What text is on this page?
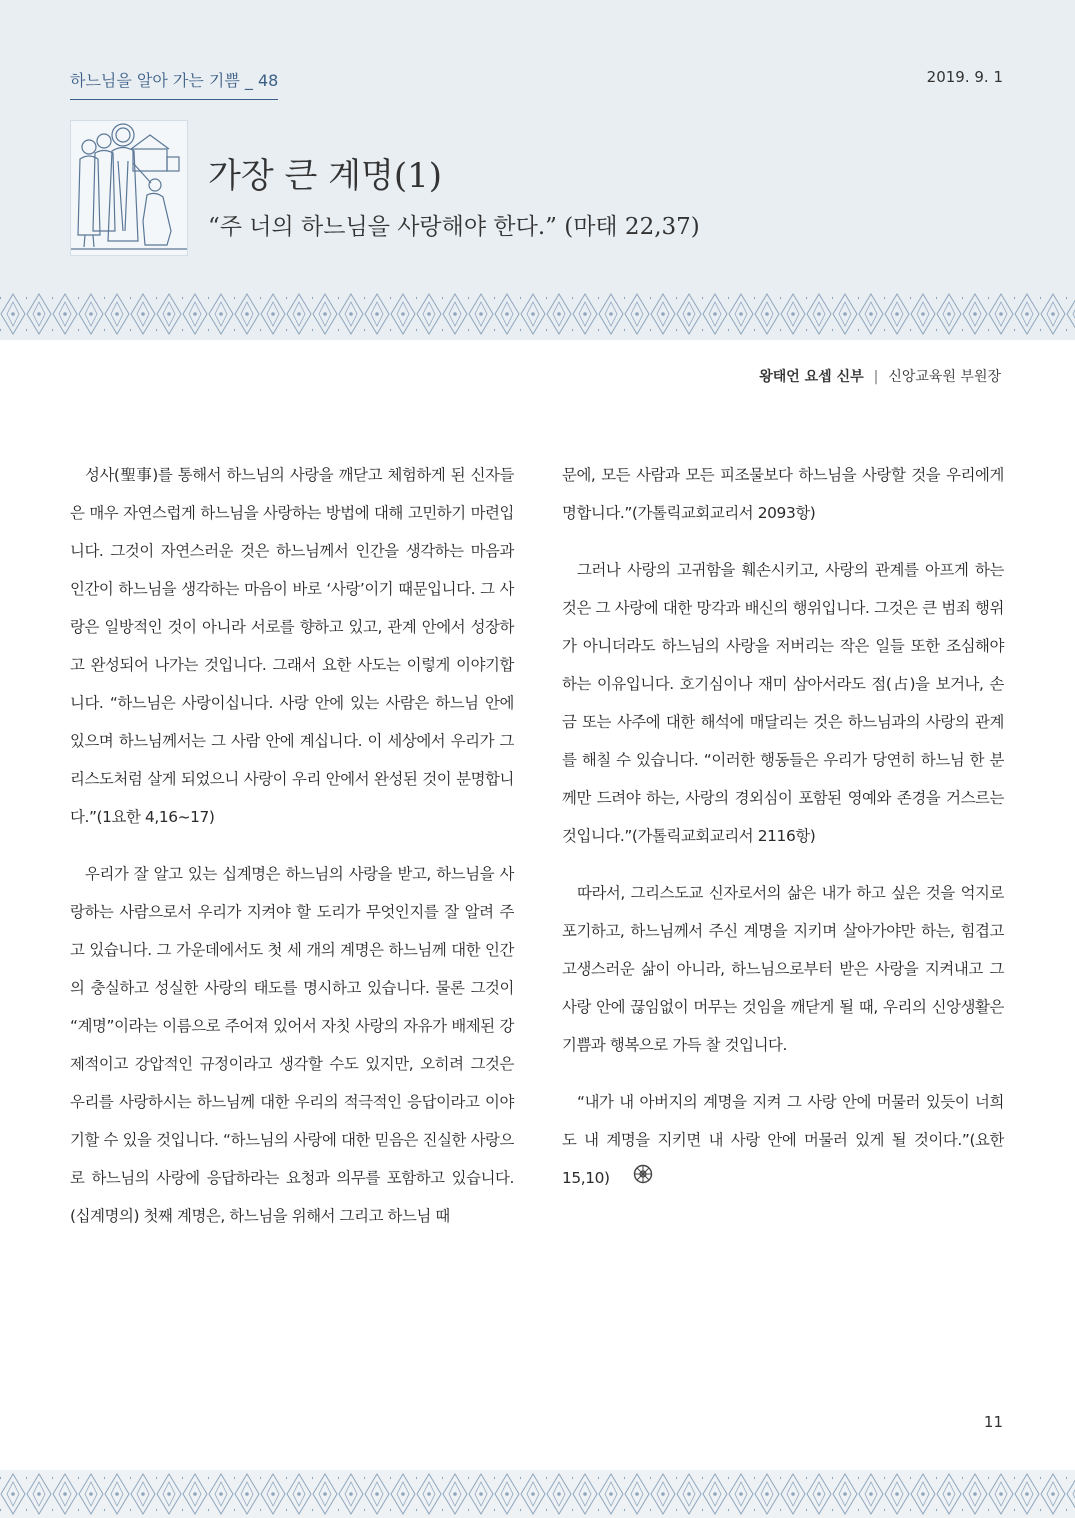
하느님을 알아 가는 기쁨 _ 48	2019. 9. 1
가장 큰 계명(1)
“주 너의 하느님을 사랑해야 한다.” (마태 22,37)
왕태언 요셉 신부 | 신앙교육원 부원장

성사(聖事)를 통해서 하느님의 사랑을 깨닫고 체험하게 된 신자들은 매우 자연스럽게 하느님을 사랑하는 방법에 대해 고민하기 마련입니다. 그것이 자연스러운 것은 하느님께서 인간을 생각하는 마음과 인간이 하느님을 생각하는 마음이 바로 ‘사랑’이기 때문입니다. 그 사랑은 일방적인 것이 아니라 서로를 향하고 있고, 관계 안에서 성장하고 완성되어 나가는 것입니다. 그래서 요한 사도는 이렇게 이야기합니다. “하느님은 사랑이십니다. 사랑 안에 있는 사람은 하느님 안에 있으며 하느님께서는 그 사람 안에 계십니다. 이 세상에서 우리가 그리스도처럼 살게 되었으니 사랑이 우리 안에서 완성된 것이 분명합니다.”(1요한 4,16~17)

우리가 잘 알고 있는 십계명은 하느님의 사랑을 받고, 하느님을 사랑하는 사람으로서 우리가 지켜야 할 도리가 무엇인지를 잘 알려 주고 있습니다. 그 가운데에서도 첫 세 개의 계명은 하느님께 대한 인간의 충실하고 성실한 사랑의 태도를 명시하고 있습니다. 물론 그것이 “계명”이라는 이름으로 주어져 있어서 자칫 사랑의 자유가 배제된 강제적이고 강압적인 규정이라고 생각할 수도 있지만, 오히려 그것은 우리를 사랑하시는 하느님께 대한 우리의 적극적인 응답이라고 이야기할 수 있을 것입니다. “하느님의 사랑에 대한 믿음은 진실한 사랑으로 하느님의 사랑에 응답하라는 요청과 의무를 포함하고 있습니다. (십계명의) 첫째 계명은, 하느님을 위해서 그리고 하느님 때

문에, 모든 사람과 모든 피조물보다 하느님을 사랑할 것을 우리에게 명합니다.”(가톨릭교회교리서 2093항)

그러나 사랑의 고귀함을 훼손시키고, 사랑의 관계를 아프게 하는 것은 그 사랑에 대한 망각과 배신의 행위입니다. 그것은 큰 범죄 행위가 아니더라도 하느님의 사랑을 저버리는 작은 일들 또한 조심해야 하는 이유입니다. 호기심이나 재미 삼아서라도 점(占)을 보거나, 손금 또는 사주에 대한 해석에 매달리는 것은 하느님과의 사랑의 관계를 해칠 수 있습니다. “이러한 행동들은 우리가 당연히 하느님 한 분께만 드려야 하는, 사랑의 경외심이 포함된 영예와 존경을 거스르는 것입니다.”(가톨릭교회교리서 2116항)

따라서, 그리스도교 신자로서의 삶은 내가 하고 싶은 것을 억지로 포기하고, 하느님께서 주신 계명을 지키며 살아가야만 하는, 힘겹고 고생스러운 삶이 아니라, 하느님으로부터 받은 사랑을 지켜내고 그 사랑 안에 끊임없이 머무는 것임을 깨닫게 될 때, 우리의 신앙생활은 기쁨과 행복으로 가득 찰 것입니다.

“내가 내 아버지의 계명을 지켜 그 사랑 안에 머물러 있듯이 너희도 내 계명을 지키면 내 사랑 안에 머물러 있게 될 것이다.”(요한 15,10)

11
